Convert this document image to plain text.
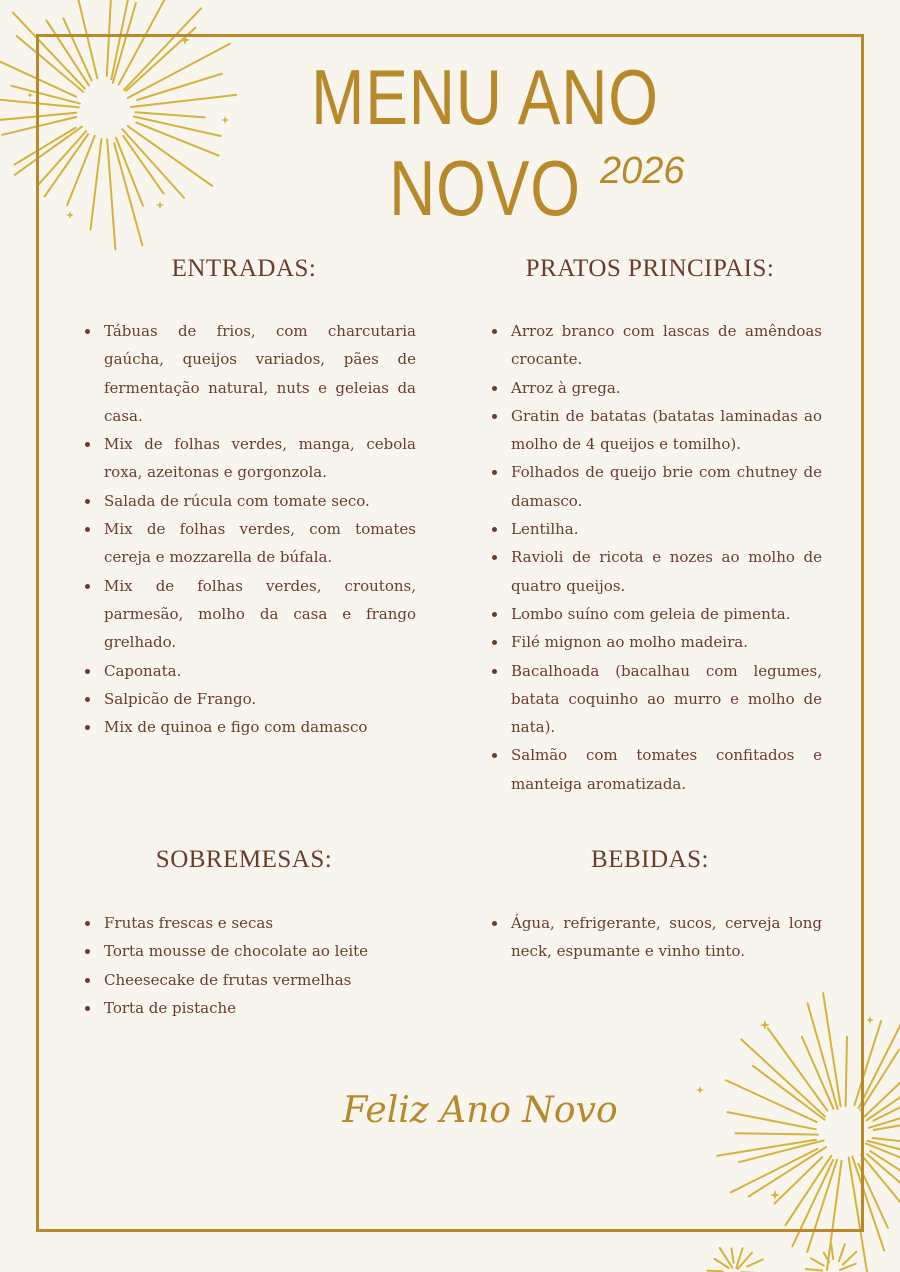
MENU ANO NOVO 2026
ENTRADAS:
Tábuas de frios, com charcutaria gaúcha, queijos variados, pães de fermentação natural, nuts e geleias da casa.
Mix de folhas verdes, manga, cebola roxa, azeitonas e gorgonzola.
Salada de rúcula com tomate seco.
Mix de folhas verdes, com tomates cereja e mozzarella de búfala.
Mix de folhas verdes, croutons, parmesão, molho da casa e frango grelhado.
Caponata.
Salpicão de Frango.
Mix de quinoa e figo com damasco
PRATOS PRINCIPAIS:
Arroz branco com lascas de amêndoas crocante.
Arroz à grega.
Gratin de batatas (batatas laminadas ao molho de 4 queijos e tomilho).
Folhados de queijo brie com chutney de damasco.
Lentilha.
Ravioli de ricota e nozes ao molho de quatro queijos.
Lombo suíno com geleia de pimenta.
Filé mignon ao molho madeira.
Bacalhoada (bacalhau com legumes, batata coquinho ao murro e molho de nata).
Salmão com tomates confitados e manteiga aromatizada.
SOBREMESAS:
Frutas frescas e secas
Torta mousse de chocolate ao leite
Cheesecake de frutas vermelhas
Torta de pistache
BEBIDAS:
Água, refrigerante, sucos, cerveja long neck, espumante e vinho tinto.
Feliz Ano Novo
